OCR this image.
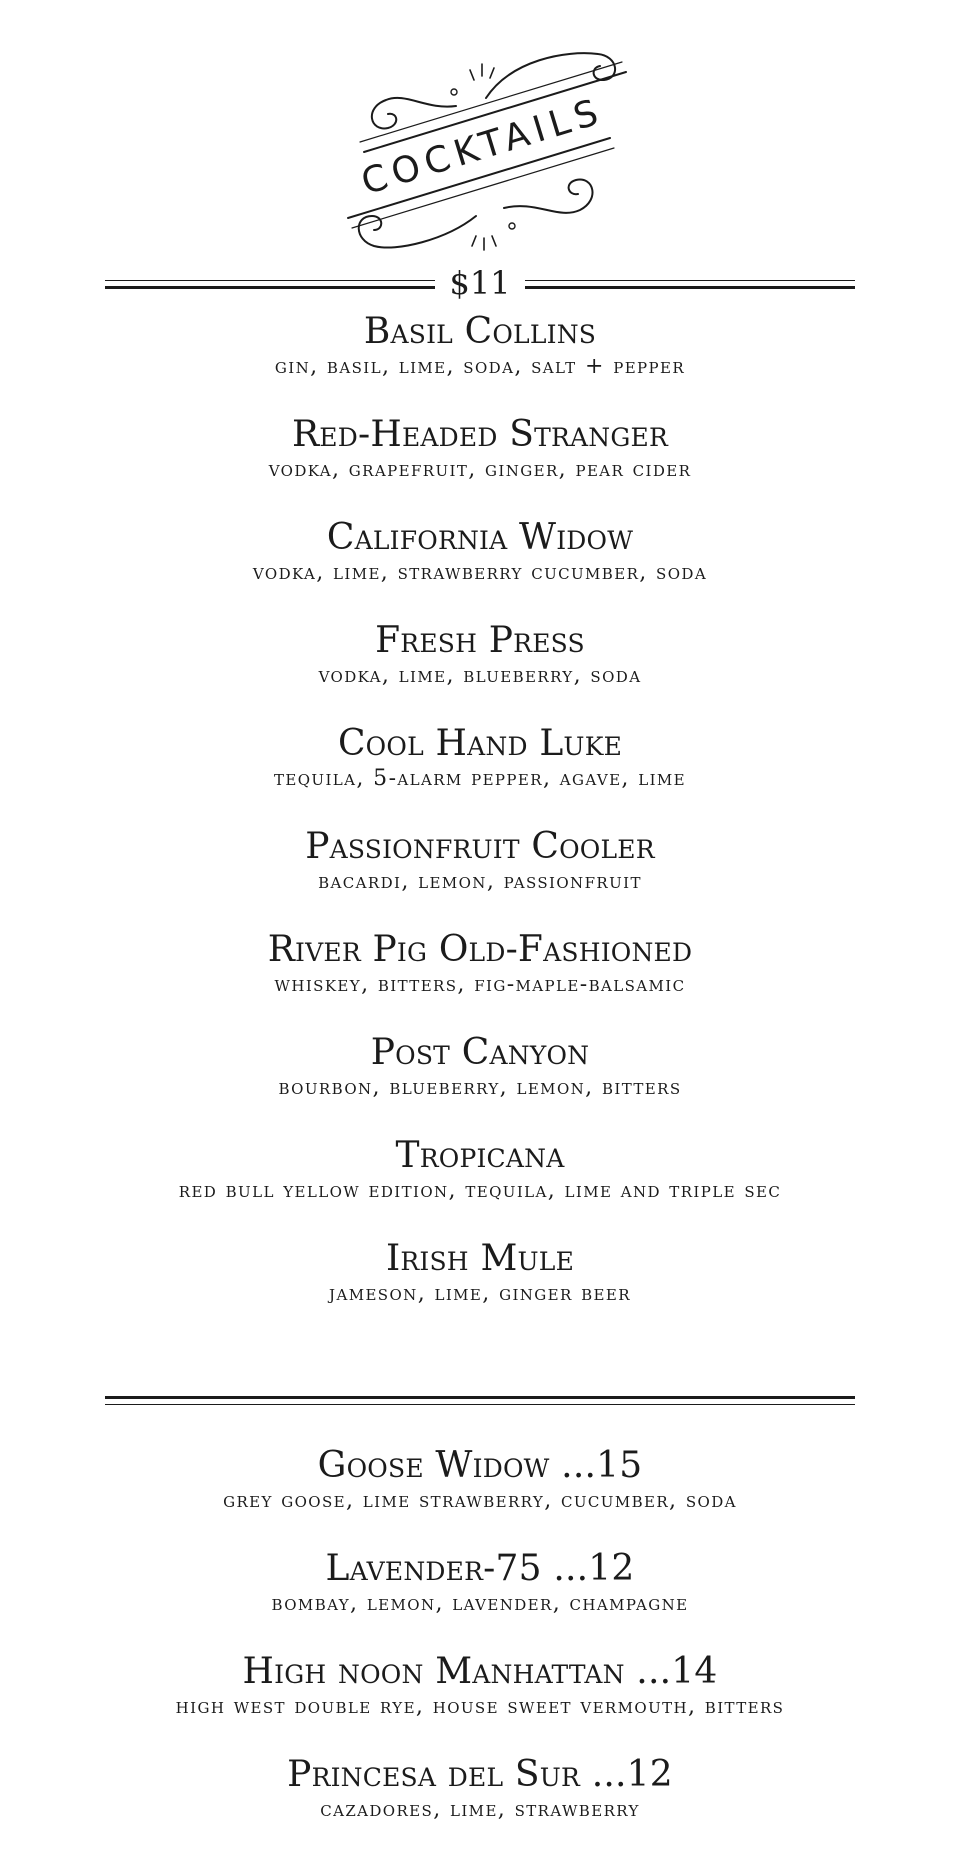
COCKTAILS
$11
Basil Collins
gin, basil, lime, soda, salt + pepper
Red-Headed Stranger
vodka, grapefruit, ginger, pear cider
California Widow
vodka, lime, strawberry cucumber, soda
Fresh Press
vodka, lime, blueberry, soda
Cool Hand Luke
tequila, 5-alarm pepper, agave, lime
Passionfruit Cooler
bacardi, lemon, passionfruit
River Pig Old-Fashioned
whiskey, bitters, fig-maple-balsamic
Post Canyon
bourbon, blueberry, lemon, bitters
Tropicana
red bull yellow edition, tequila, lime and triple sec
Irish Mule
jameson, lime, ginger beer
Goose Widow ...15
grey goose, lime strawberry, cucumber, soda
Lavender-75 ...12
bombay, lemon, lavender, champagne
High noon Manhattan ...14
high west double rye, house sweet vermouth, bitters
Princesa del Sur ...12
cazadores, lime, strawberry
